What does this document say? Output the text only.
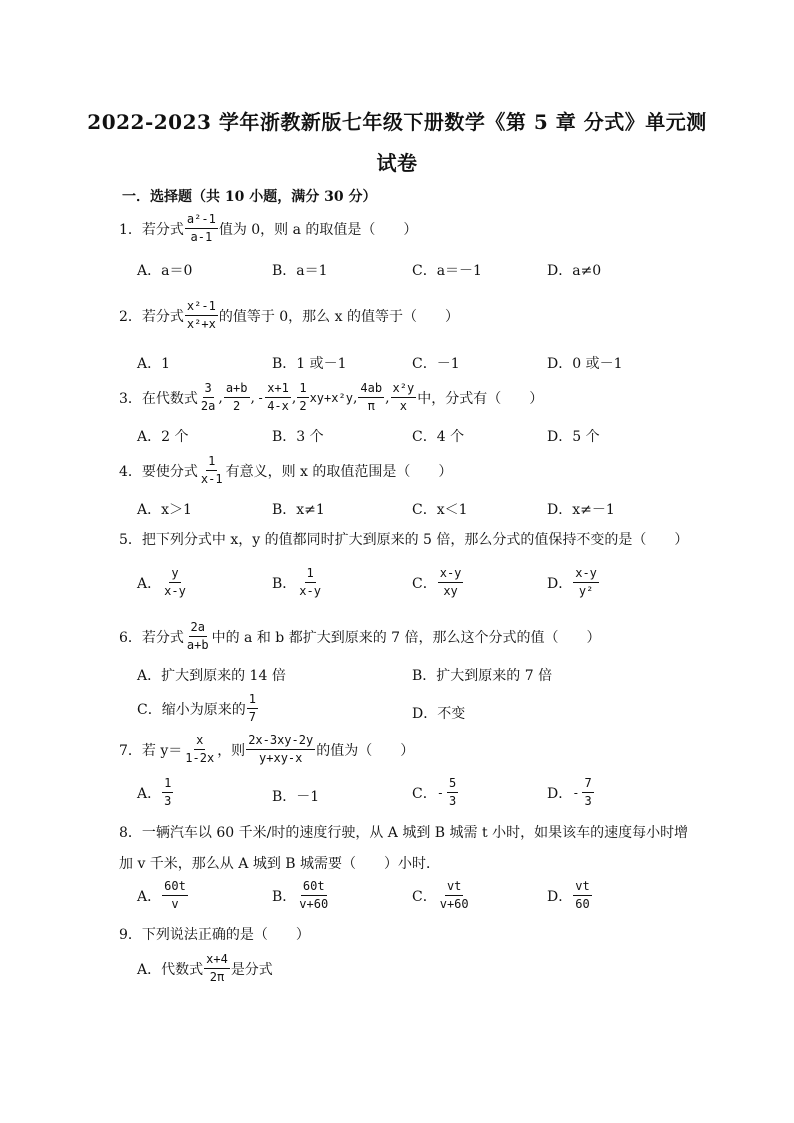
2022-2023 学年浙教新版七年级下册数学《第 5 章 分式》单元测
试卷
一．选择题（共 10 小题，满分 30 分）
1．若分式 $\frac{\text{a²-1}}{a-1}$ 值为 0，则 a 的取值是（　　）
A．a＝0	B．a＝1	C．a＝－1	D．a≠0
2．若分式 $\frac{\text{x²-1}}{\text{x²+x}}$ 的值等于 0，那么 x 的值等于（　　）
A．1	B．1 或－1	C．－1	D．0 或－1
3．在代数式 $\frac{3}{2a}$ , $\frac{a+b}{2}$ , - $\frac{x+1}{4-x}$ , $\frac{1}{2} xy+x^2y$ , $\frac{4ab}{\pi}$ , $\frac{\text{x²y}}{x}$ 中，分式有（　　）
A．2 个	B．3 个	C．4 个	D．5 个
4．要使分式 $\frac{1}{x-1}$ 有意义，则 x 的取值范围是（　　）
A．x＞1	B．x≠1	C．x＜1	D．x≠－1
5．把下列分式中 x，y 的值都同时扩大到原来的 5 倍，那么分式的值保持不变的是（　　）
A． $\frac{y}{x-y}$	B． $\frac{1}{x-y}$	C． $\frac{x-y}{xy}$	D． $\frac{x-y}{\text{y²}}$
6．若分式 $\frac{2a}{a+b}$ 中的 a 和 b 都扩大到原来的 7 倍，那么这个分式的值（　　）
A．扩大到原来的 14 倍	B．扩大到原来的 7 倍
C．缩小为原来的 $\frac{1}{7}$	D．不变
7．若 $y= \frac{x}{1-2x}$ ，则 $\frac{2x-3xy-2y}{y+xy-x}$ 的值为（　　）
A． $\frac{1}{3}$	B．－1	C． - $\frac{5}{3}$	D． - $\frac{7}{3}$
8．一辆汽车以 60 千米/时的速度行驶，从 A 城到 B 城需 t 小时，如果该车的速度每小时增
加 v 千米，那么从 A 城到 B 城需要（　　）小时．
A． $\frac{60t}{v}$	B． $\frac{60t}{v+60}$	C． $\frac{vt}{v+60}$	D． $\frac{vt}{60}$
9．下列说法正确的是（　　）
A．代数式 $\frac{x+4}{2\pi}$ 是分式
